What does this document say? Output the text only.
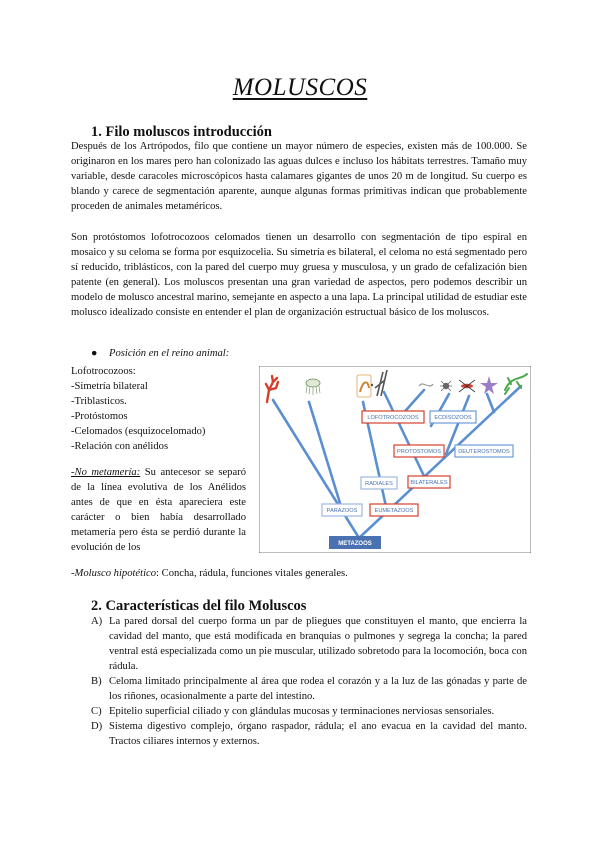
MOLUSCOS
1. Filo moluscos introducción
Después de los Artrópodos, filo que contiene un mayor número de especies, existen más de 100.000. Se originaron en los mares pero han colonizado las aguas dulces e incluso los hábitats terrestres. Tamaño muy variable, desde caracoles microscópicos hasta calamares gigantes de unos 20 m de longitud. Su cuerpo es blando y carece de segmentación aparente, aunque algunas formas primitivas indican que probablemente proceden de animales metaméricos.
Son protóstomos lofotrocozoos celomados tienen un desarrollo con segmentación de tipo espiral en mosaico y su celoma se forma por esquizocelia. Su simetría es bilateral, el celoma no está segmentado pero sí reducido, triblásticos, con la pared del cuerpo muy gruesa y musculosa, y un grado de cefalización bien patente (en general). Los moluscos presentan una gran variedad de aspectos, pero podemos describir un modelo de molusco ancestral marino, semejante en aspecto a una lapa. La principal utilidad de estudiar este molusco idealizado consiste en entender el plan de organización estructual básico de los moluscos.
● Posición en el reino animal:
Lofotrocozoos:
-Simetría bilateral
-Triblasticos.
-Protóstomos
-Celomados (esquizocelomado)
-Relación con anélidos
-No metamería: Su antecesor se separó de la línea evolutiva de los Anélidos antes de que en ésta apareciera este carácter o bien había desarrollado metamería pero ésta se perdió durante la evolución de los
LOFOTROCOZOOS	ECDISOZOOS
PROTOSTOMOS	DEUTEROSTOMOS
RADIALES	BILATERALES
PARAZOOS	EUMETAZOOS
METAZOOS
-Molusco hipotético: Concha, rádula, funciones vitales generales.
2. Características del filo Moluscos
A) La pared dorsal del cuerpo forma un par de pliegues que constituyen el manto, que encierra la cavidad del manto, que está modificada en branquias o pulmones y segrega la concha; la pared ventral está especializada como un pie muscular, utilizado sobretodo para la locomoción, boca con rádula.
B) Celoma limitado principalmente al área que rodea el corazón y a la luz de las gónadas y parte de los riñones, ocasionalmente a parte del intestino.
C) Epitelio superficial ciliado y con glándulas mucosas y terminaciones nerviosas sensoriales.
D) Sistema digestivo complejo, órgano raspador, rádula; el ano evacua en la cavidad del manto. Tractos ciliares internos y externos.
